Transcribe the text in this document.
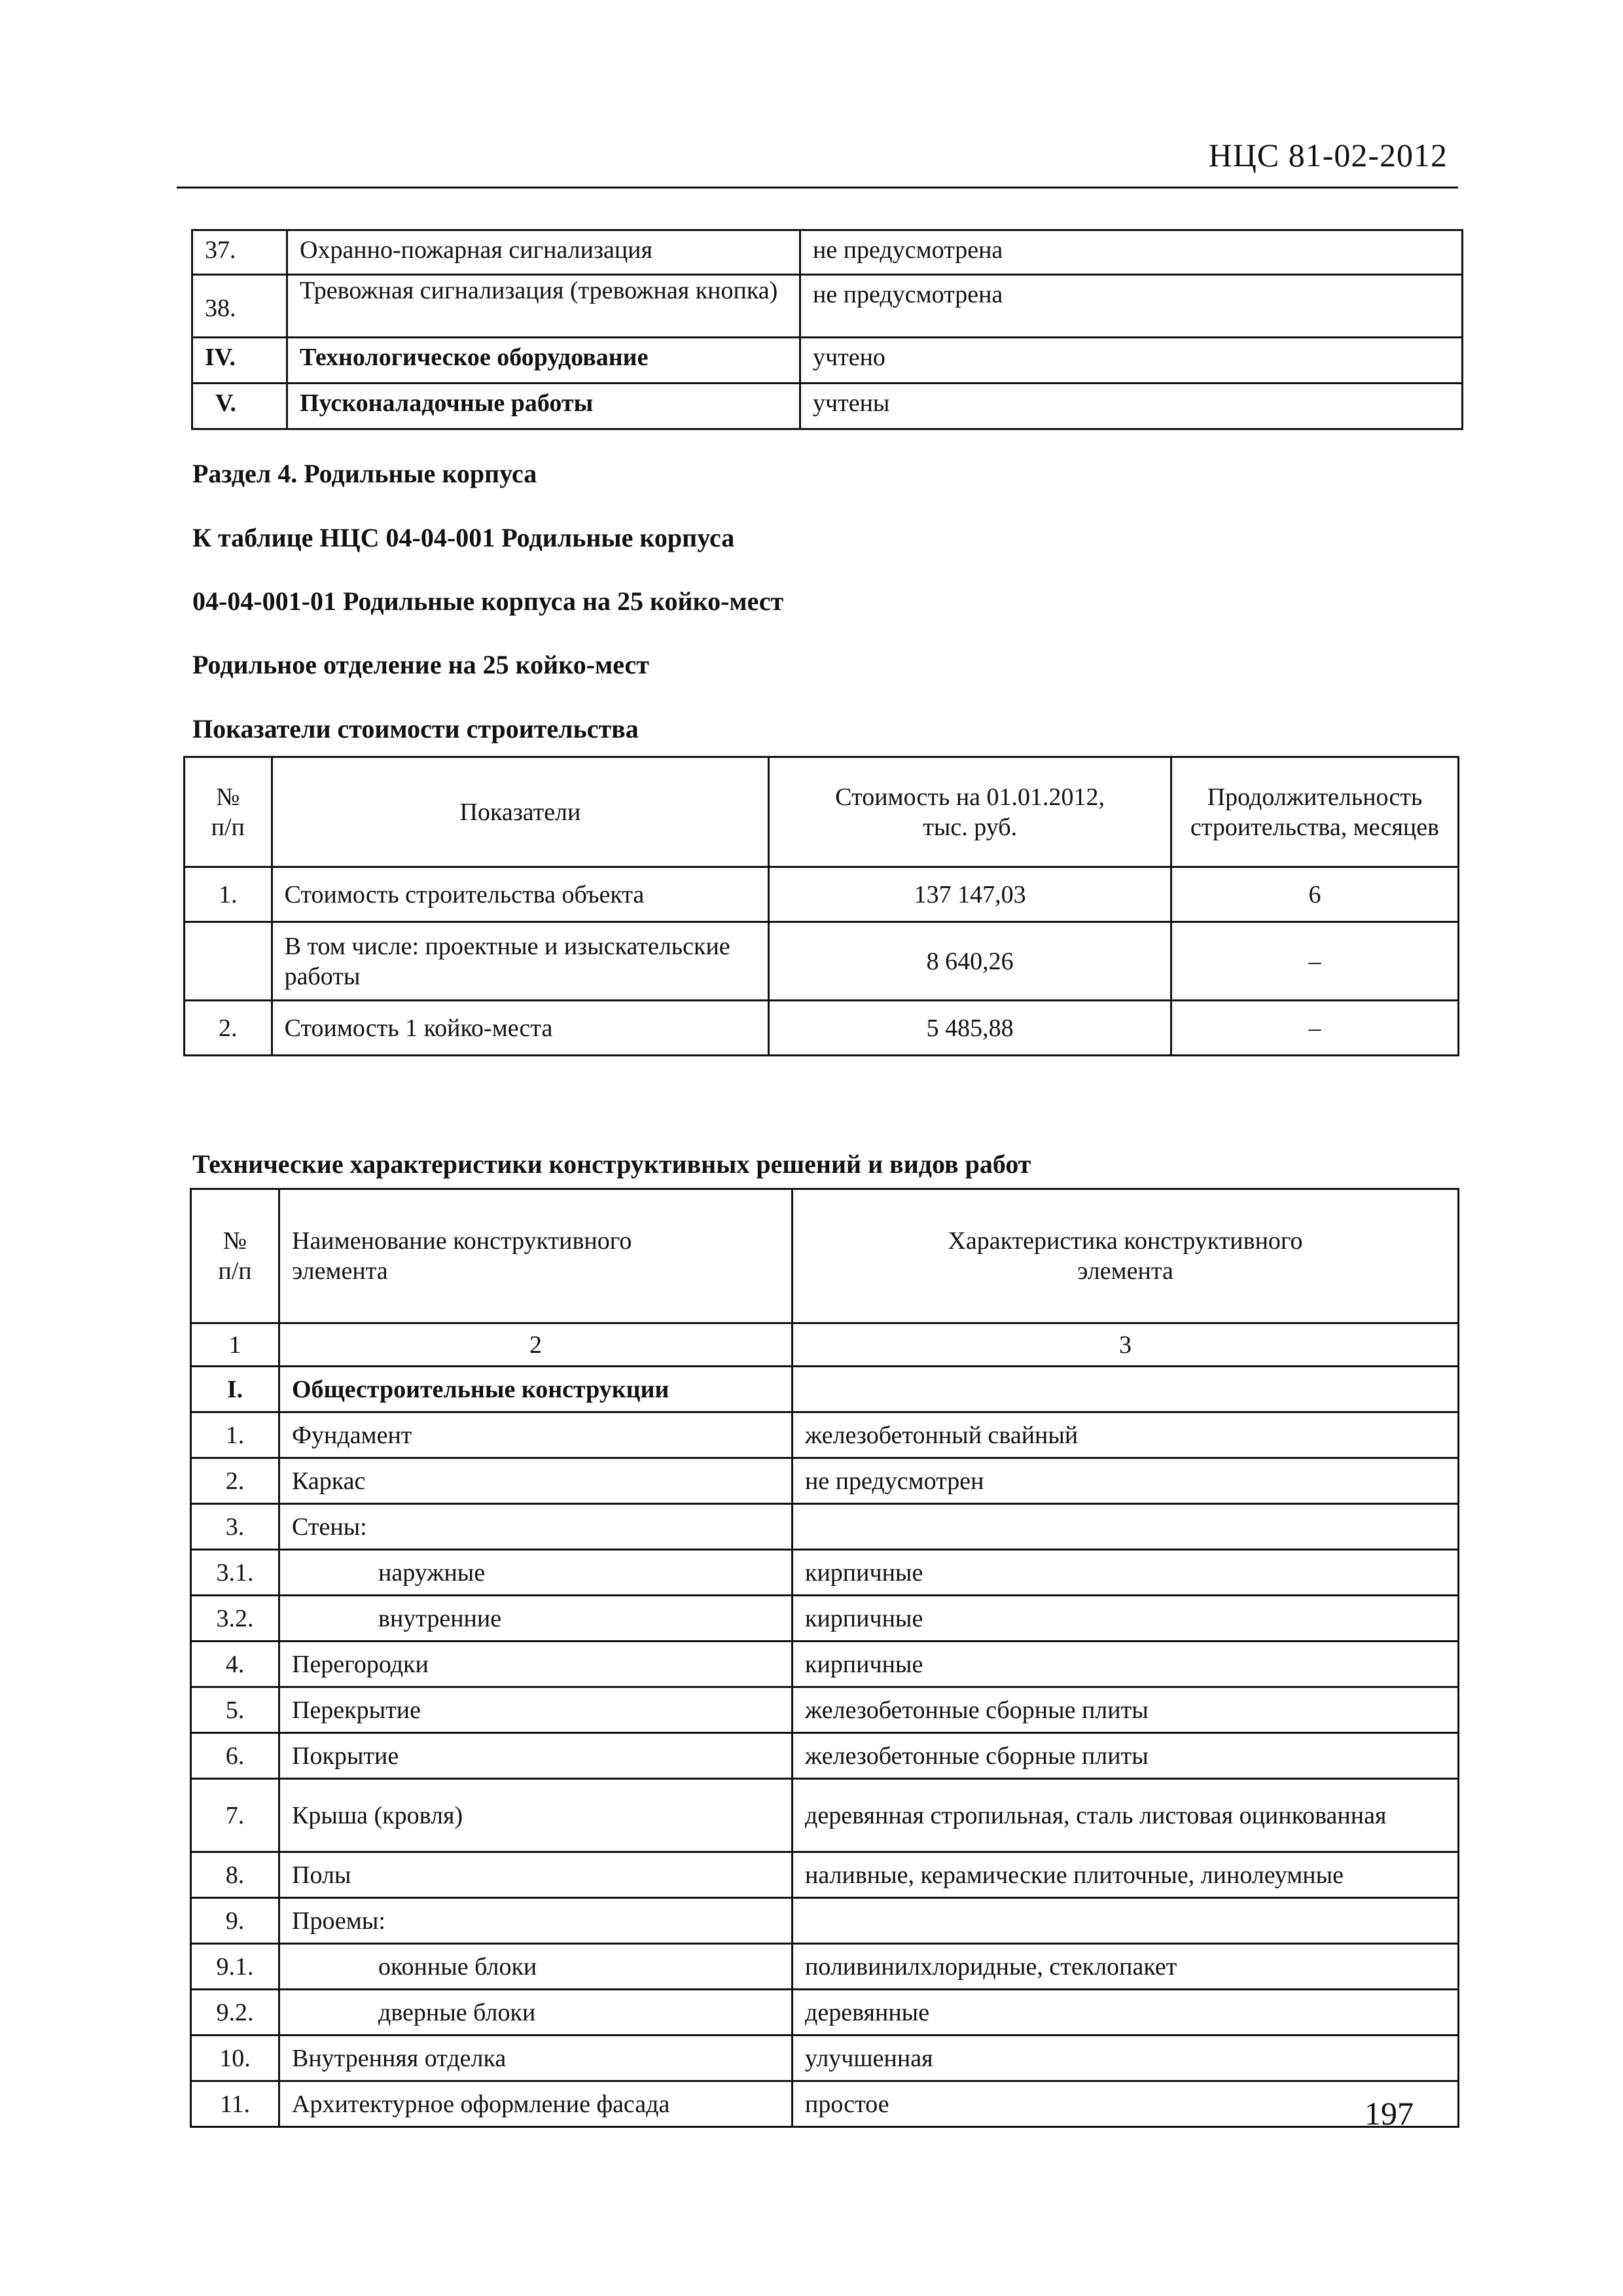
НЦС 81-02-2012
37.	Охранно-пожарная сигнализация	не предусмотрена
38.	Тревожная сигнализация (тревожная кнопка)	не предусмотрена
IV.	Технологическое оборудование	учтено
V.	Пусконаладочные работы	учтены
Раздел 4. Родильные корпуса
К таблице НЦС 04-04-001 Родильные корпуса
04-04-001-01 Родильные корпуса на 25 койко-мест
Родильное отделение на 25 койко-мест
Показатели стоимости строительства
№ п/п	Показатели	Стоимость на 01.01.2012, тыс. руб.	Продолжительность строительства, месяцев

1.	Стоимость строительства объекта	137 147,03	6
	В том числе: проектные и изыскательские работы	8 640,26	–
2.	Стоимость 1 койко-места	5 485,88	–
Технические характеристики конструктивных решений и видов работ
№ п/п	Наименование конструктивного элемента	Характеристика конструктивного элемента

1	2	3
I.	Общестроительные конструкции	
1.	Фундамент	железобетонный свайный
2.	Каркас	не предусмотрен
3.	Стены:	
3.1.	наружные	кирпичные
3.2.	внутренние	кирпичные
4.	Перегородки	кирпичные
5.	Перекрытие	железобетонные сборные плиты
6.	Покрытие	железобетонные сборные плиты
7.	Крыша (кровля)	деревянная стропильная, сталь листовая оцинкованная
8.	Полы	наливные, керамические плиточные, линолеумные
9.	Проемы:	
9.1.	оконные блоки	поливинилхлоридные, стеклопакет
9.2.	дверные блоки	деревянные
10.	Внутренняя отделка	улучшенная
11.	Архитектурное оформление фасада	простое	197
